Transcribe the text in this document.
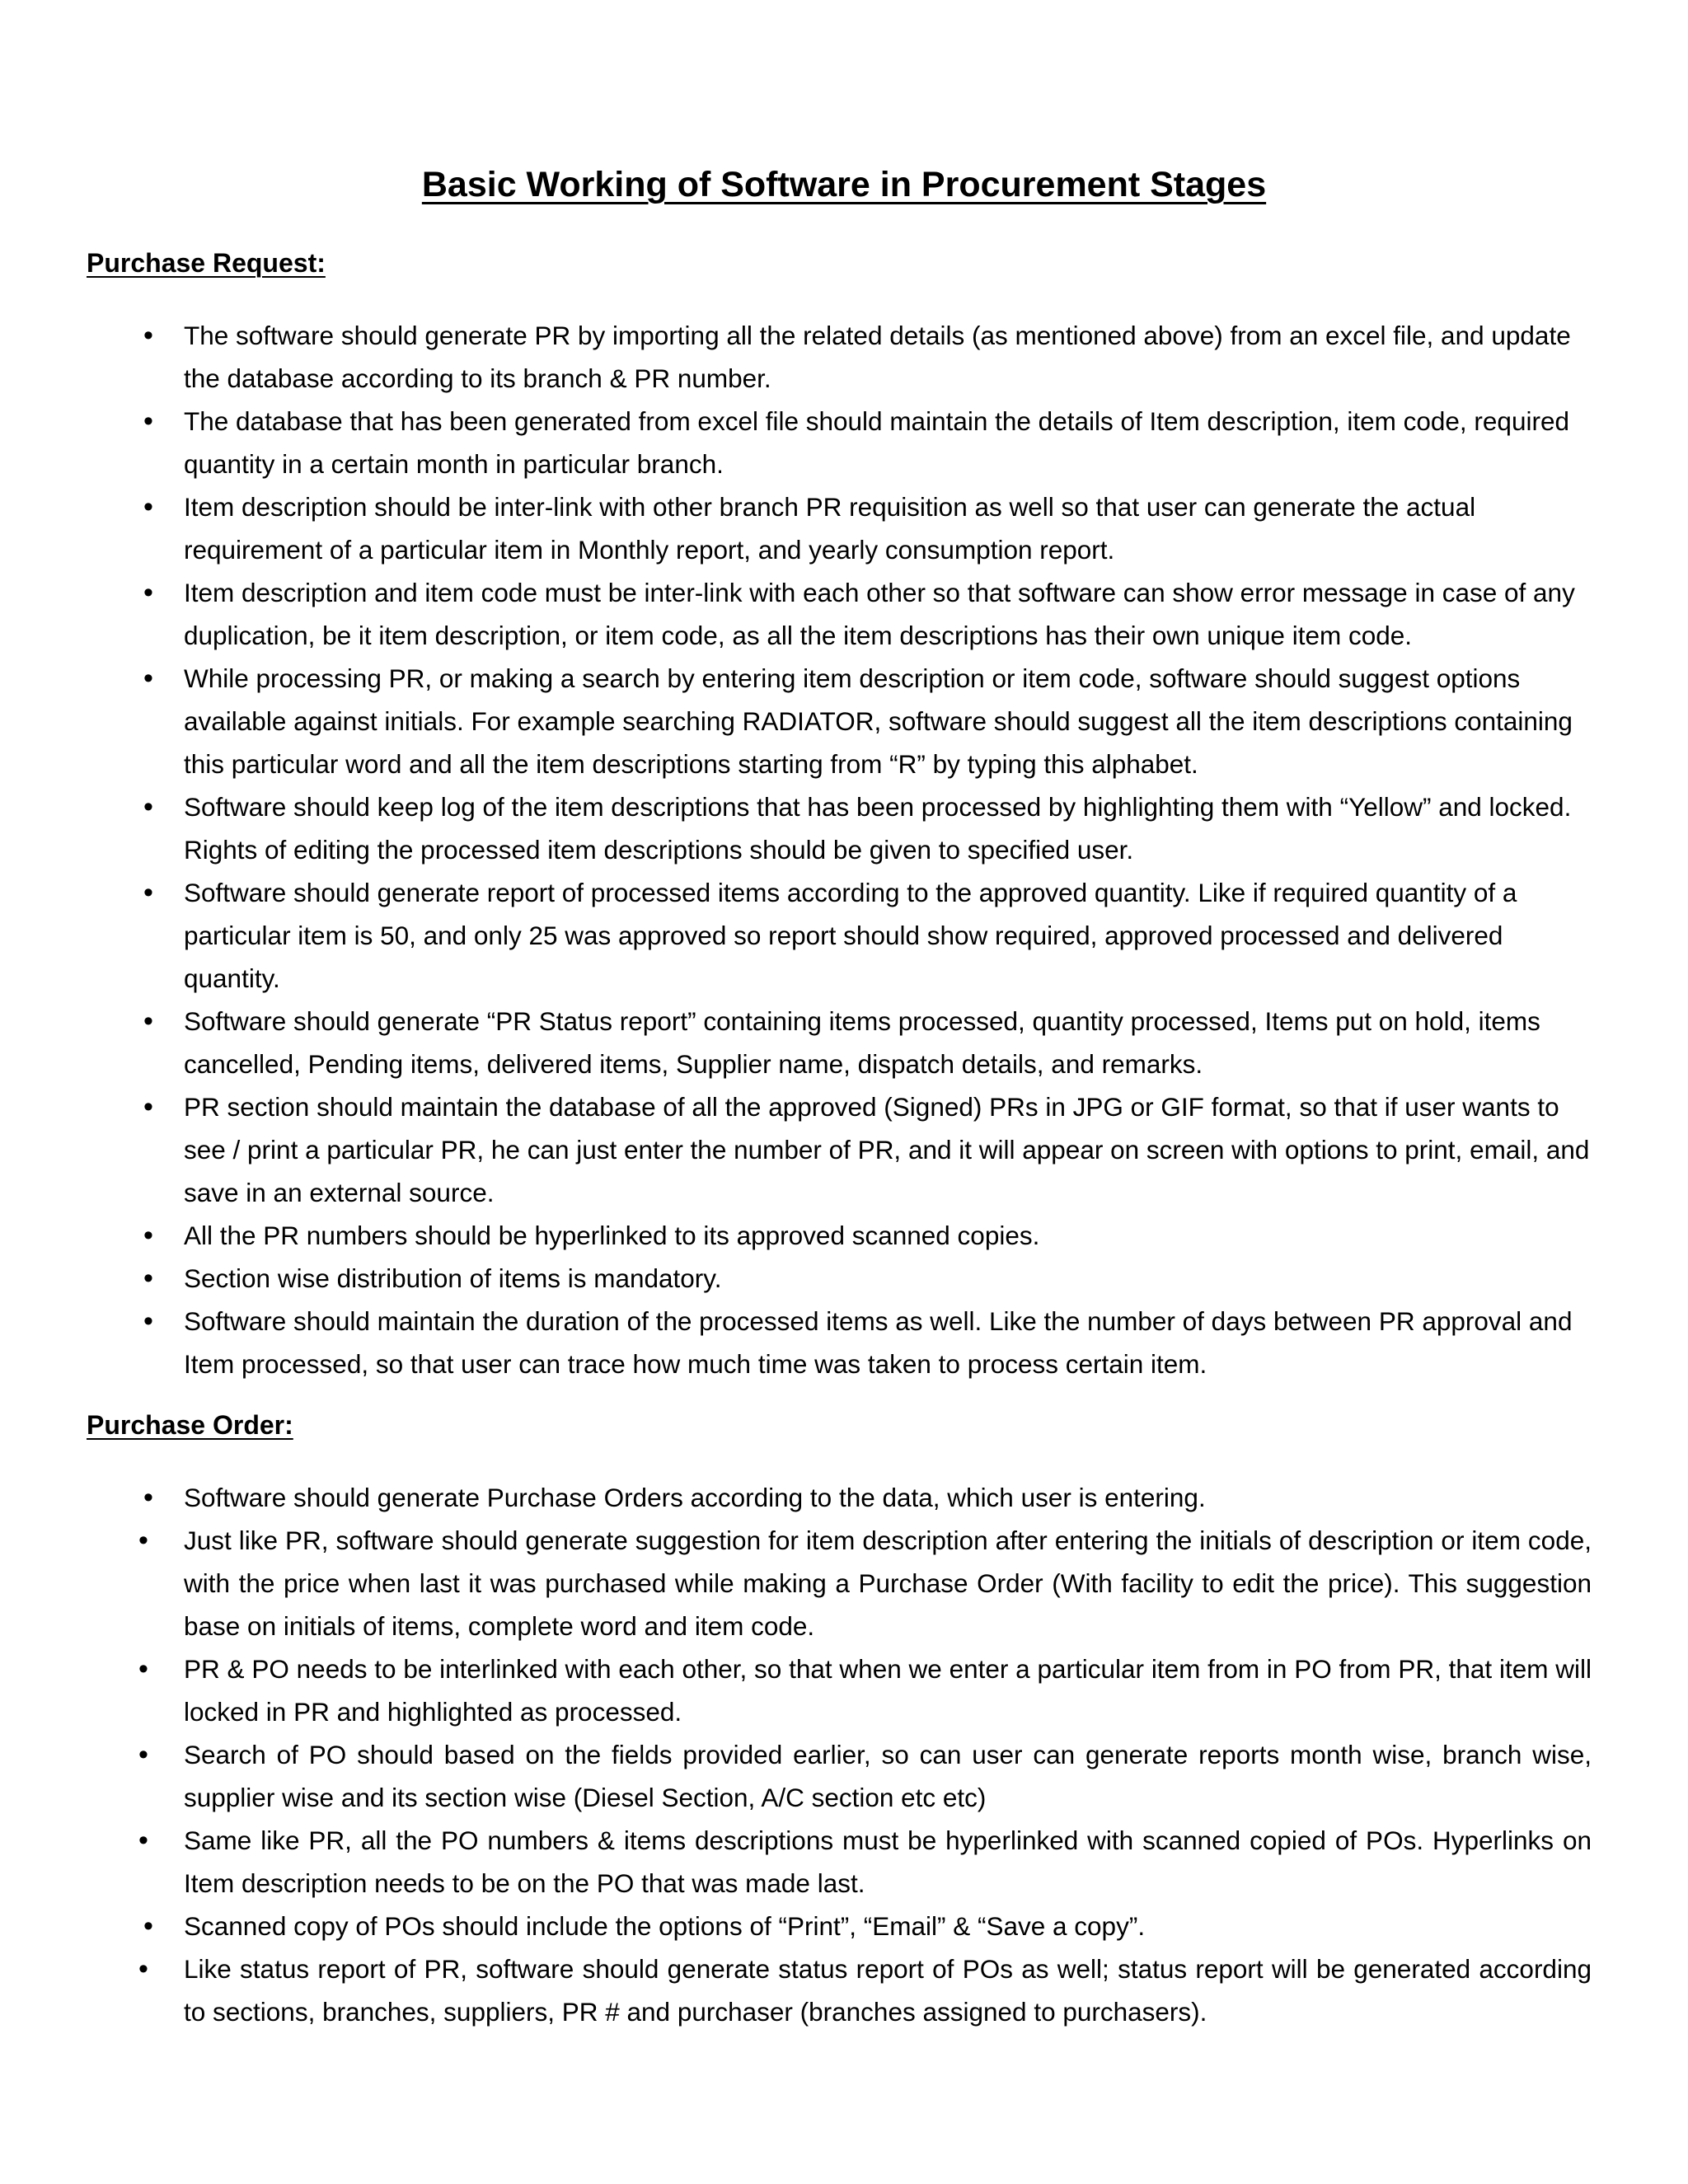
Basic Working of Software in Procurement Stages
Purchase Request:
• The software should generate PR by importing all the related details (as mentioned above) from an excel file, and update the database according to its branch & PR number.
• The database that has been generated from excel file should maintain the details of Item description, item code, required quantity in a certain month in particular branch.
• Item description should be inter-link with other branch PR requisition as well so that user can generate the actual requirement of a particular item in Monthly report, and yearly consumption report.
• Item description and item code must be inter-link with each other so that software can show error message in case of any duplication, be it item description, or item code, as all the item descriptions has their own unique item code.
• While processing PR, or making a search by entering item description or item code, software should suggest options available against initials. For example searching RADIATOR, software should suggest all the item descriptions containing this particular word and all the item descriptions starting from “R” by typing this alphabet.
• Software should keep log of the item descriptions that has been processed by highlighting them with “Yellow” and locked. Rights of editing the processed item descriptions should be given to specified user.
• Software should generate report of processed items according to the approved quantity. Like if required quantity of a particular item is 50, and only 25 was approved so report should show required, approved processed and delivered quantity.
• Software should generate “PR Status report” containing items processed, quantity processed, Items put on hold, items cancelled, Pending items, delivered items, Supplier name, dispatch details, and remarks.
• PR section should maintain the database of all the approved (Signed) PRs in JPG or GIF format, so that if user wants to see / print a particular PR, he can just enter the number of PR, and it will appear on screen with options to print, email, and save in an external source.
• All the PR numbers should be hyperlinked to its approved scanned copies.
• Section wise distribution of items is mandatory.
• Software should maintain the duration of the processed items as well. Like the number of days between PR approval and Item processed, so that user can trace how much time was taken to process certain item.
Purchase Order:
• Software should generate Purchase Orders according to the data, which user is entering.
•	Just like PR, software should generate suggestion for item description after entering the initials of description or item code, with the price when last it was purchased while making a Purchase Order (With facility to edit the price). This suggestion base on initials of items, complete word and item code.
•	PR & PO needs to be interlinked with each other, so that when we enter a particular item from in PO from PR, that item will locked in PR and highlighted as processed.
•	Search of PO should based on the fields provided earlier, so can user can generate reports month wise, branch wise, supplier wise and its section wise (Diesel Section, A/C section etc etc)
•	Same like PR, all the PO numbers & items descriptions must be hyperlinked with scanned copied of POs. Hyperlinks on Item description needs to be on the PO that was made last.
• Scanned copy of POs should include the options of “Print”, “Email” & “Save a copy”.
•	Like status report of PR, software should generate status report of POs as well; status report will be generated according to sections, branches, suppliers, PR # and purchaser (branches assigned to purchasers).
